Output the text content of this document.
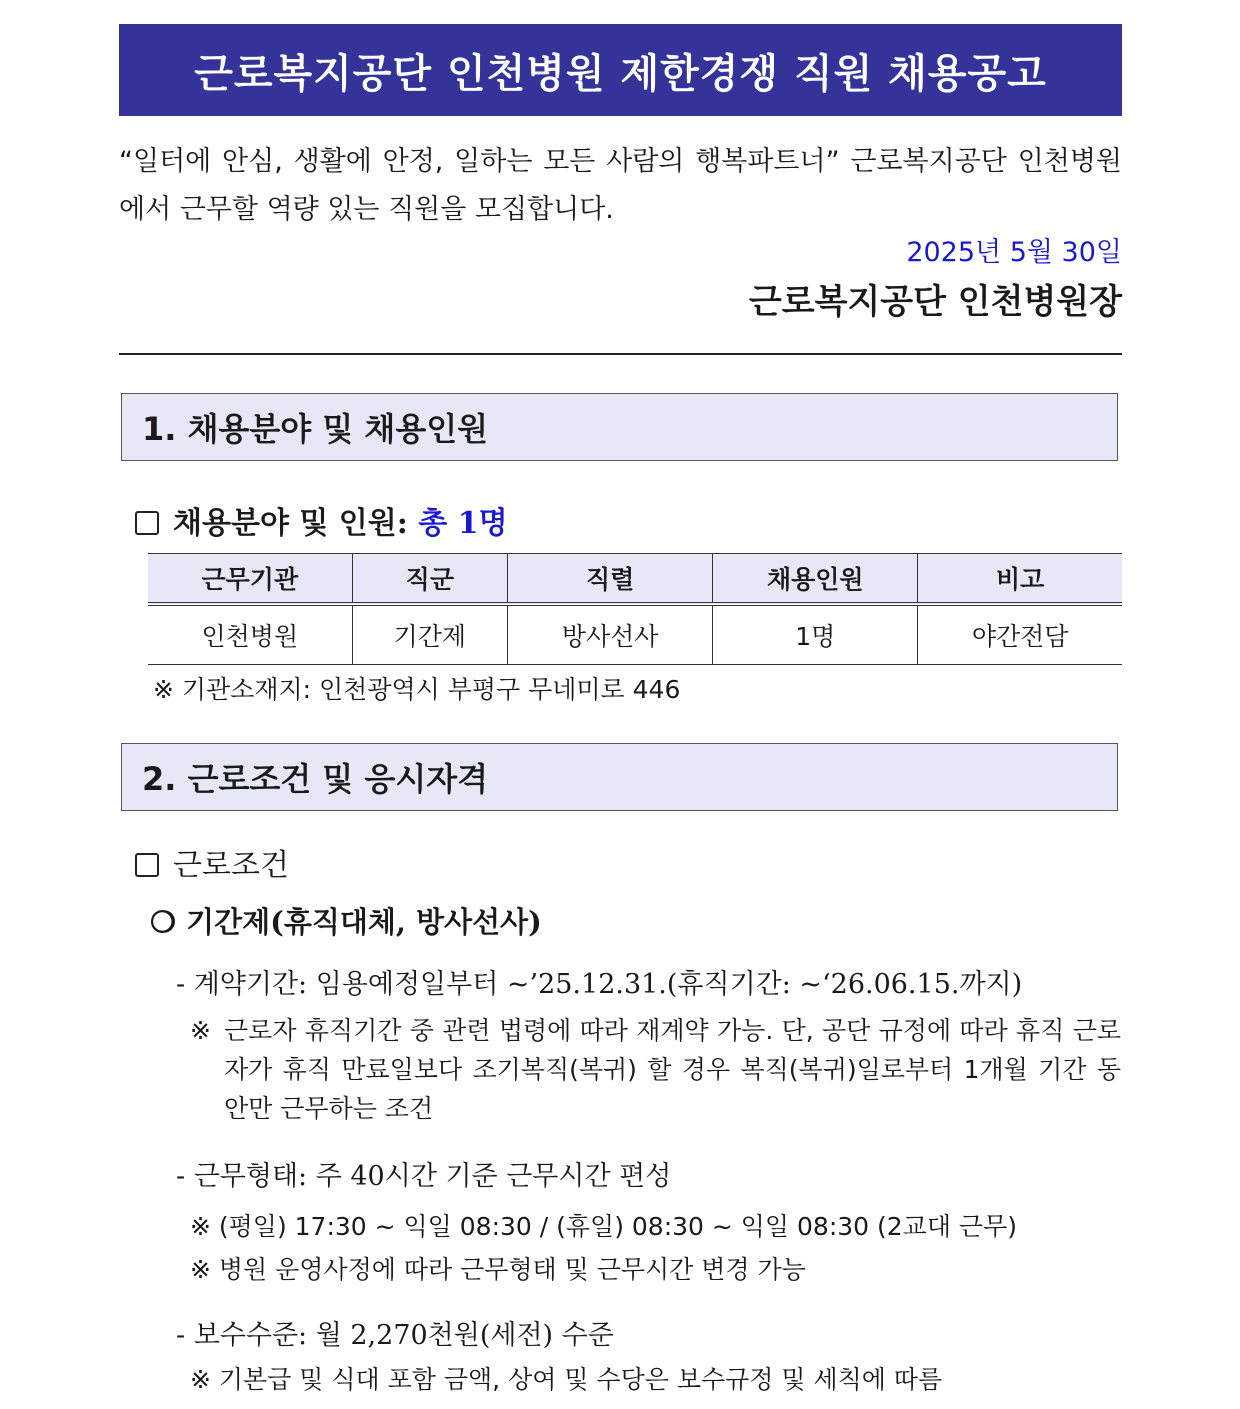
근로복지공단 인천병원 제한경쟁 직원 채용공고
“일터에 안심, 생활에 안정, 일하는 모든 사람의 행복파트너” 근로복지공단 인천병원에서 근무할 역량 있는 직원을 모집합니다.
2025년 5월 30일
근로복지공단 인천병원장
1. 채용분야 및 채용인원
채용분야 및 인원: 총 1명
근무기관	직군	직렬	채용인원	비고
인천병원	기간제	방사선사	1명	야간전담
※ 기관소재지: 인천광역시 부평구 무네미로 446
2. 근로조건 및 응시자격
근로조건
❍ 기간제(휴직대체, 방사선사)
- 계약기간: 임용예정일부터 ~’25.12.31.(휴직기간: ~‘26.06.15.까지)
※ 근로자 휴직기간 중 관련 법령에 따라 재계약 가능. 단, 공단 규정에 따라 휴직 근로자가 휴직 만료일보다 조기복직(복귀) 할 경우 복직(복귀)일로부터 1개월 기간 동안만 근무하는 조건
- 근무형태: 주 40시간 기준 근무시간 편성
※ (평일) 17:30 ~ 익일 08:30 / (휴일) 08:30 ~ 익일 08:30 (2교대 근무)
※ 병원 운영사정에 따라 근무형태 및 근무시간 변경 가능
- 보수수준: 월 2,270천원(세전) 수준
※ 기본급 및 식대 포함 금액, 상여 및 수당은 보수규정 및 세칙에 따름
